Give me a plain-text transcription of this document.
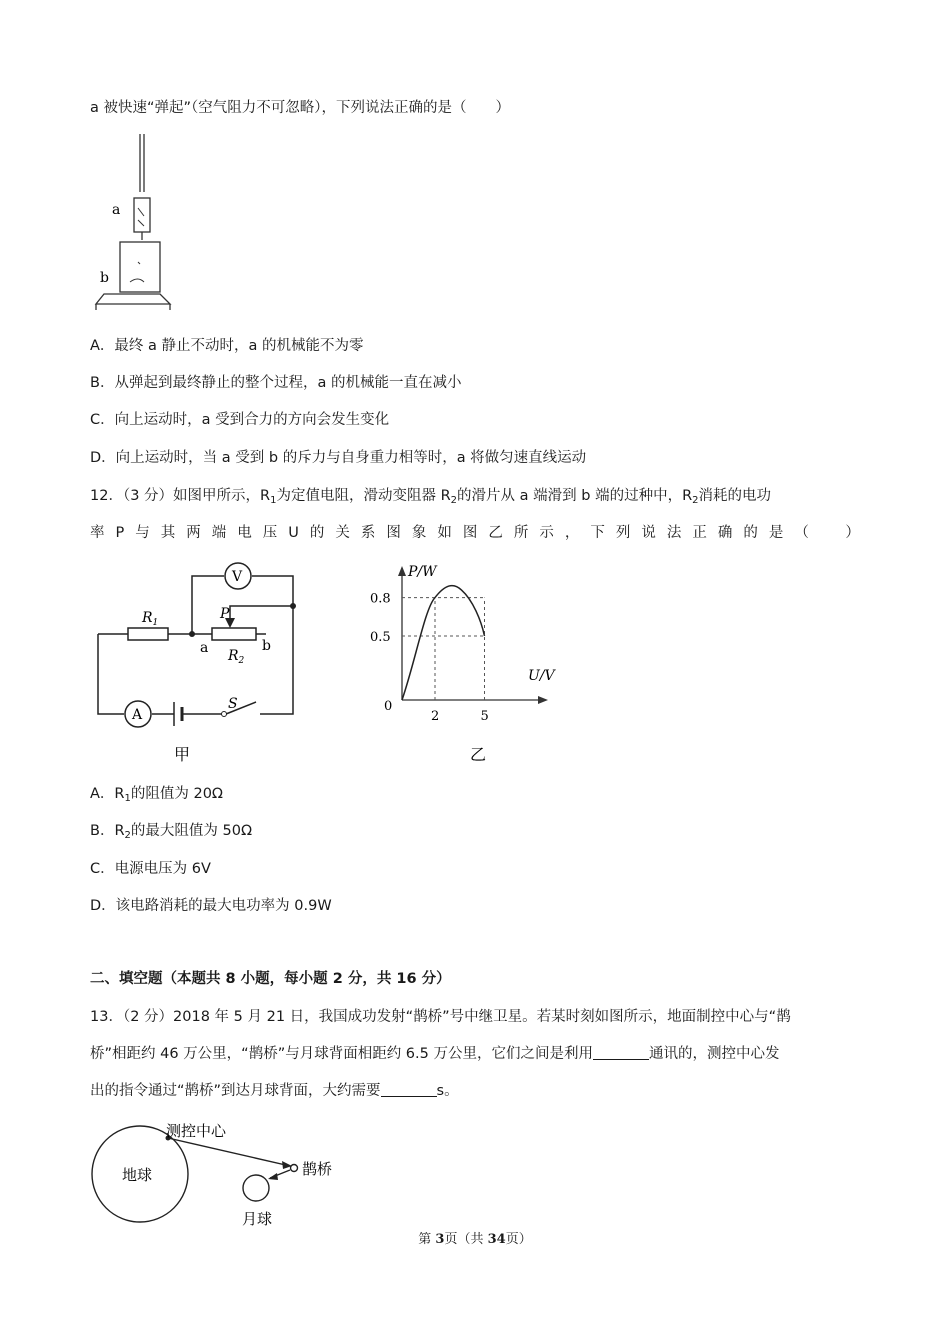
a 被快速“弹起”（空气阻力不可忽略），下列说法正确的是（　　）
a
b
A．最终 a 静止不动时，a 的机械能不为零
B．从弹起到最终静止的整个过程，a 的机械能一直在减小
C．向上运动时，a 受到合力的方向会发生变化
D．向上运动时，当 a 受到 b 的斥力与自身重力相等时，a 将做匀速直线运动
12．（3 分）如图甲所示，$R_1$为定值电阻，滑动变阻器 $R_2$的滑片从 a 端滑到 b 端的过种中，$R_2$消耗的电功
率 P 与 其 两 端 电 压 U 的 关 系 图 象 如 图 乙 所 示 ， 下 列 说 法 正 确 的 是 （
　	）
V
A
$R_1$
$R_2$
P
S
a	b
甲
0.8
0.5
2	5
P/W
U/V
0
乙
A．$R_1$的阻值为 20Ω
B．$R_2$的最大阻值为 50Ω
C．电源电压为 6V
D．该电路消耗的最大电功率为 0.9W
二、填空题（本题共 8 小题，每小题 2 分，共 16 分）
13．（2 分）2018 年 5 月 21 日，我国成功发射“鹊桥”号中继卫星。若某时刻如图所示，地面制控中心与“鹊
桥”相距约 46 万公里，“鹊桥”与月球背面相距约 6.5 万公里，它们之间是利用	通讯的，测控中心发
出的指令通过“鹊桥”到达月球背面，大约需要	s。
地球
测控中心
鹊桥
月球
第 3页（共 34页）
